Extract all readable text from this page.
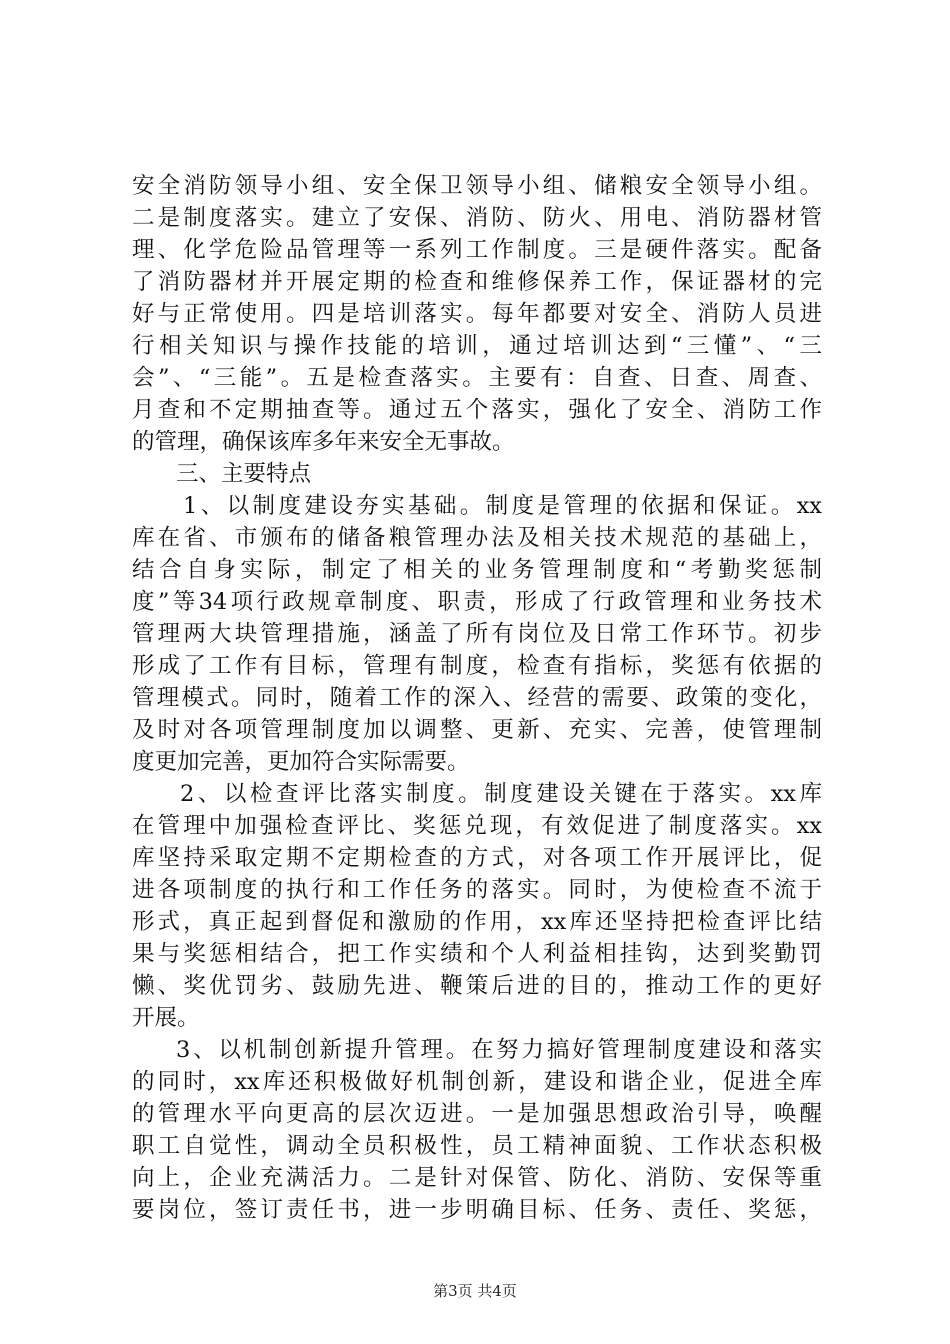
安全消防领导小组、安全保卫领导小组、储粮安全领导小组。
二是制度落实。建立了安保、消防、防火、用电、消防器材管
理、化学危险品管理等一系列工作制度。三是硬件落实。配备
了消防器材并开展定期的检查和维修保养工作，保证器材的完
好与正常使用。四是培训落实。每年都要对安全、消防人员进
行相关知识与操作技能的培训，通过培训达到“三懂”、“三
会”、“三能”。五是检查落实。主要有：自查、日查、周查、
月查和不定期抽查等。通过五个落实，强化了安全、消防工作
的管理，确保该库多年来安全无事故。
三、主要特点
1、以制度建设夯实基础。制度是管理的依据和保证。xx
库在省、市颁布的储备粮管理办法及相关技术规范的基础上，
结合自身实际，制定了相关的业务管理制度和“考勤奖惩制
度”等34项行政规章制度、职责，形成了行政管理和业务技术
管理两大块管理措施，涵盖了所有岗位及日常工作环节。初步
形成了工作有目标，管理有制度，检查有指标，奖惩有依据的
管理模式。同时，随着工作的深入、经营的需要、政策的变化，
及时对各项管理制度加以调整、更新、充实、完善，使管理制
度更加完善，更加符合实际需要。
2、以检查评比落实制度。制度建设关键在于落实。xx库
在管理中加强检查评比、奖惩兑现，有效促进了制度落实。xx
库坚持采取定期不定期检查的方式，对各项工作开展评比，促
进各项制度的执行和工作任务的落实。同时，为使检查不流于
形式，真正起到督促和激励的作用，xx库还坚持把检查评比结
果与奖惩相结合，把工作实绩和个人利益相挂钩，达到奖勤罚
懒、奖优罚劣、鼓励先进、鞭策后进的目的，推动工作的更好
开展。
3、以机制创新提升管理。在努力搞好管理制度建设和落实
的同时，xx库还积极做好机制创新，建设和谐企业，促进全库
的管理水平向更高的层次迈进。一是加强思想政治引导，唤醒
职工自觉性，调动全员积极性，员工精神面貌、工作状态积极
向上，企业充满活力。二是针对保管、防化、消防、安保等重
要岗位，签订责任书，进一步明确目标、任务、责任、奖惩，
第3页 共4页
